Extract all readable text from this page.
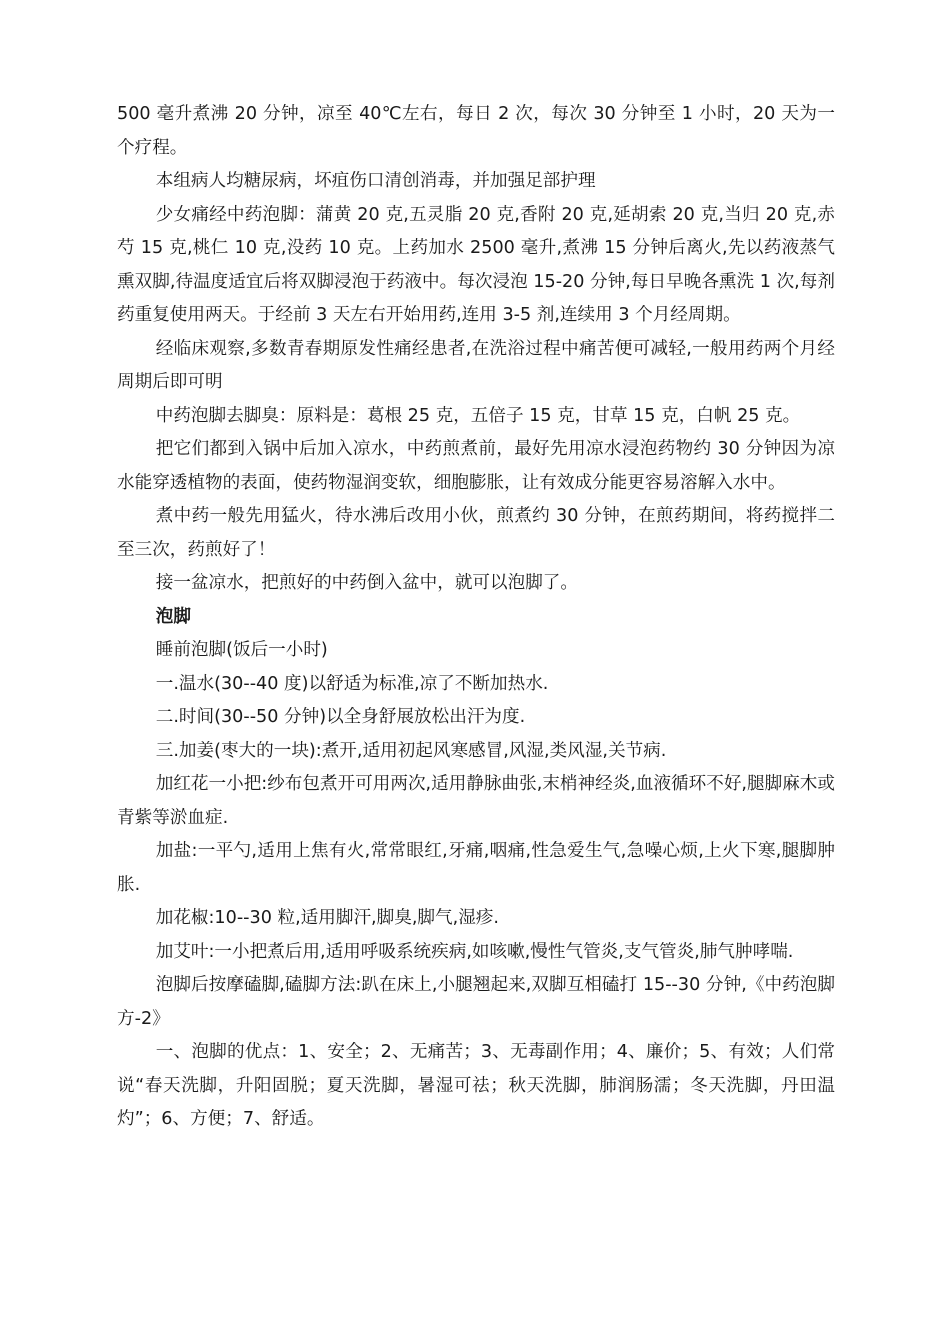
500 毫升煮沸 20 分钟，凉至 40℃左右，每日 2 次，每次 30 分钟至 1 小时，20 天为一个疗程。

本组病人均糖尿病，坏疽伤口清创消毒，并加强足部护理

少女痛经中药泡脚：蒲黄 20 克,五灵脂 20 克,香附 20 克,延胡索 20 克,当归 20 克,赤芍 15 克,桃仁 10 克,没药 10 克。上药加水 2500 毫升,煮沸 15 分钟后离火,先以药液蒸气熏双脚,待温度适宜后将双脚浸泡于药液中。每次浸泡 15-20 分钟,每日早晚各熏洗 1 次,每剂药重复使用两天。于经前 3 天左右开始用药,连用 3-5 剂,连续用 3 个月经周期。

经临床观察,多数青春期原发性痛经患者,在洗浴过程中痛苦便可减轻,一般用药两个月经周期后即可明

中药泡脚去脚臭：原料是：葛根 25 克，五倍子 15 克，甘草 15 克，白帆 25 克。

把它们都到入锅中后加入凉水，中药煎煮前，最好先用凉水浸泡药物约 30 分钟因为凉水能穿透植物的表面，使药物湿润变软，细胞膨胀，让有效成分能更容易溶解入水中。

煮中药一般先用猛火，待水沸后改用小伙，煎煮约 30 分钟，在煎药期间，将药搅拌二至三次，药煎好了！

接一盆凉水，把煎好的中药倒入盆中，就可以泡脚了。

泡脚

睡前泡脚(饭后一小时)

一.温水(30--40 度)以舒适为标准,凉了不断加热水.

二.时间(30--50 分钟)以全身舒展放松出汗为度.

三.加姜(枣大的一块):煮开,适用初起风寒感冒,风湿,类风湿,关节病.

加红花一小把:纱布包煮开可用两次,适用静脉曲张,末梢神经炎,血液循环不好,腿脚麻木或青紫等淤血症.

加盐:一平勺,适用上焦有火,常常眼红,牙痛,咽痛,性急爱生气,急噪心烦,上火下寒,腿脚肿胀.

加花椒:10--30 粒,适用脚汗,脚臭,脚气,湿疹.

加艾叶:一小把煮后用,适用呼吸系统疾病,如咳嗽,慢性气管炎,支气管炎,肺气肿哮喘.

泡脚后按摩磕脚,磕脚方法:趴在床上,小腿翘起来,双脚互相磕打 15--30 分钟,《中药泡脚方-2》

一、泡脚的优点：1、安全；2、无痛苦；3、无毒副作用；4、廉价；5、有效；人们常说“春天洗脚，升阳固脱；夏天洗脚，暑湿可祛；秋天洗脚，肺润肠濡；冬天洗脚，丹田温灼”；6、方便；7、舒适。
